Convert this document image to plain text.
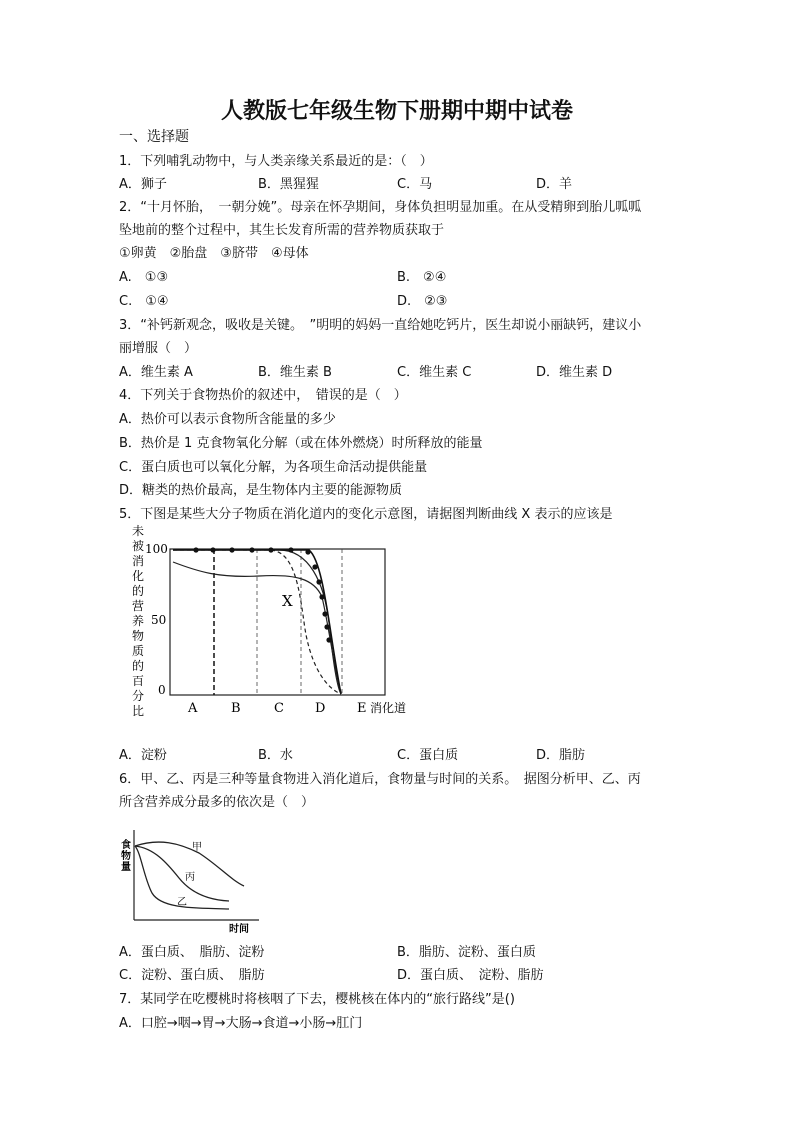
人教版七年级生物下册期中期中试卷
一、选择题
1．下列哺乳动物中，与人类亲缘关系最近的是：（　）
A．狮子	B．黑猩猩	C．马	D．羊
2．“十月怀胎，　一朝分娩”。母亲在怀孕期间，身体负担明显加重。在从受精卵到胎儿呱呱
坠地前的整个过程中，其生长发育所需的营养物质获取于
①卵黄　②胎盘　③脐带　④母体
A.　①③	B.　②④
C.　①④	D.　②③
3．“补钙新观念，吸收是关键。　”明明的妈妈一直给她吃钙片，医生却说小丽缺钙，建议小
丽增服（　）
A．维生素 A	B．维生素 B	C．维生素 C	D．维生素 D
4．下列关于食物热价的叙述中，　错误的是（　）
A．热价可以表示食物所含能量的多少
B．热价是 1 克食物氧化分解（或在体外燃烧）时所释放的能量
C．蛋白质也可以氧化分解，为各项生命活动提供能量
D．糖类的热价最高，是生物体内主要的能源物质
5．下图是某些大分子物质在消化道内的变化示意图，请据图判断曲线 X 表示的应该是
未
被
消
化
的
营
养
物
质
的
百
分
比
100
50
0
X
A	B	C D E 消化道
A．淀粉	B．水	C．蛋白质	D．脂肪
6．甲、乙、丙是三种等量食物进入消化道后，食物量与时间的关系。　据图分析甲、乙、丙
所含营养成分最多的依次是（　）
食
物
量
甲
丙
乙
时间
A．蛋白质、　脂肪、淀粉	B．脂肪、淀粉、蛋白质
C．淀粉、蛋白质、　脂肪	D．蛋白质、　淀粉、脂肪
7．某同学在吃樱桃时将核咽了下去，樱桃核在体内的“旅行路线”是()
A．口腔→咽→胃→大肠→食道→小肠→肛门
